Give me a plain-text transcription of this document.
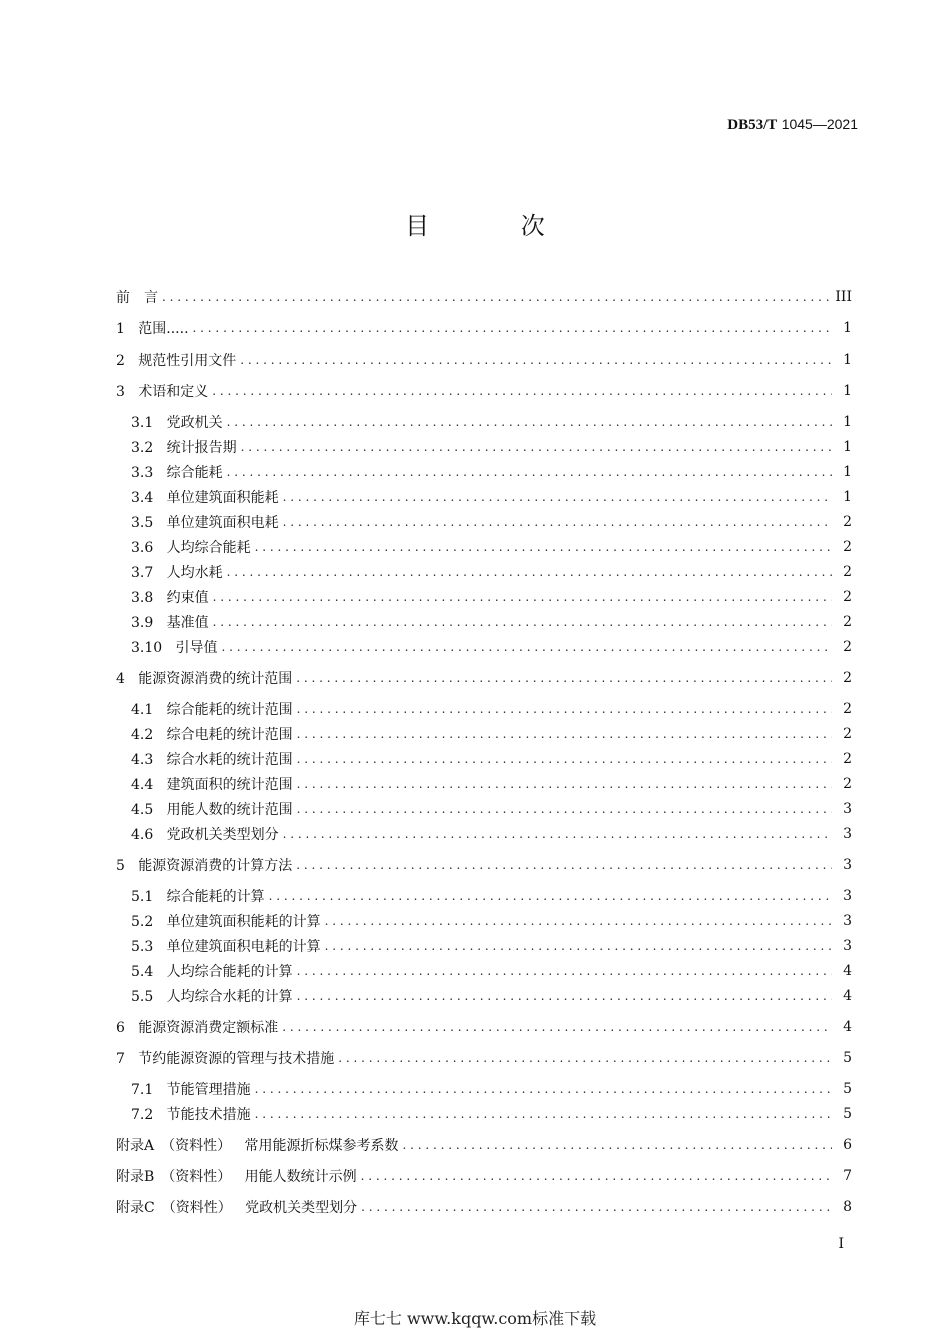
DB53/T 1045—2021
目 次
前　言 . . .	III
1 范围..... . . .	1
2 规范性引用文件 . . .	1
3 术语和定义 . . .	1
3.1 党政机关 . . .	1
3.2 统计报告期 . . .	1
3.3 综合能耗 . . .	1
3.4 单位建筑面积能耗 . . .	1
3.5 单位建筑面积电耗 . . .	2
3.6 人均综合能耗 . . .	2
3.7 人均水耗 . . .	2
3.8 约束值 . . .	2
3.9 基准值 . . .	2
3.10 引导值 . . .	2
4 能源资源消费的统计范围 . . .	2
4.1 综合能耗的统计范围 . . .	2
4.2 综合电耗的统计范围 . . .	2
4.3 综合水耗的统计范围 . . .	2
4.4 建筑面积的统计范围 . . .	2
4.5 用能人数的统计范围 . . .	3
4.6 党政机关类型划分 . . .	3
5 能源资源消费的计算方法 . . .	3
5.1 综合能耗的计算 . . .	3
5.2 单位建筑面积能耗的计算 . . .	3
5.3 单位建筑面积电耗的计算 . . .	3
5.4 人均综合能耗的计算 . . .	4
5.5 人均综合水耗的计算 . . .	4
6 能源资源消费定额标准 . . .	4
7 节约能源资源的管理与技术措施 . . .	5
7.1 节能管理措施 . . .	5
7.2 节能技术措施 . . .	5
附录A　（资料性） 常用能源折标煤参考系数 . . .	6
附录B　（资料性） 用能人数统计示例 . . .	7
附录C　（资料性） 党政机关类型划分 . . .	8
I
库七七 www.kqqw.com标准下载
